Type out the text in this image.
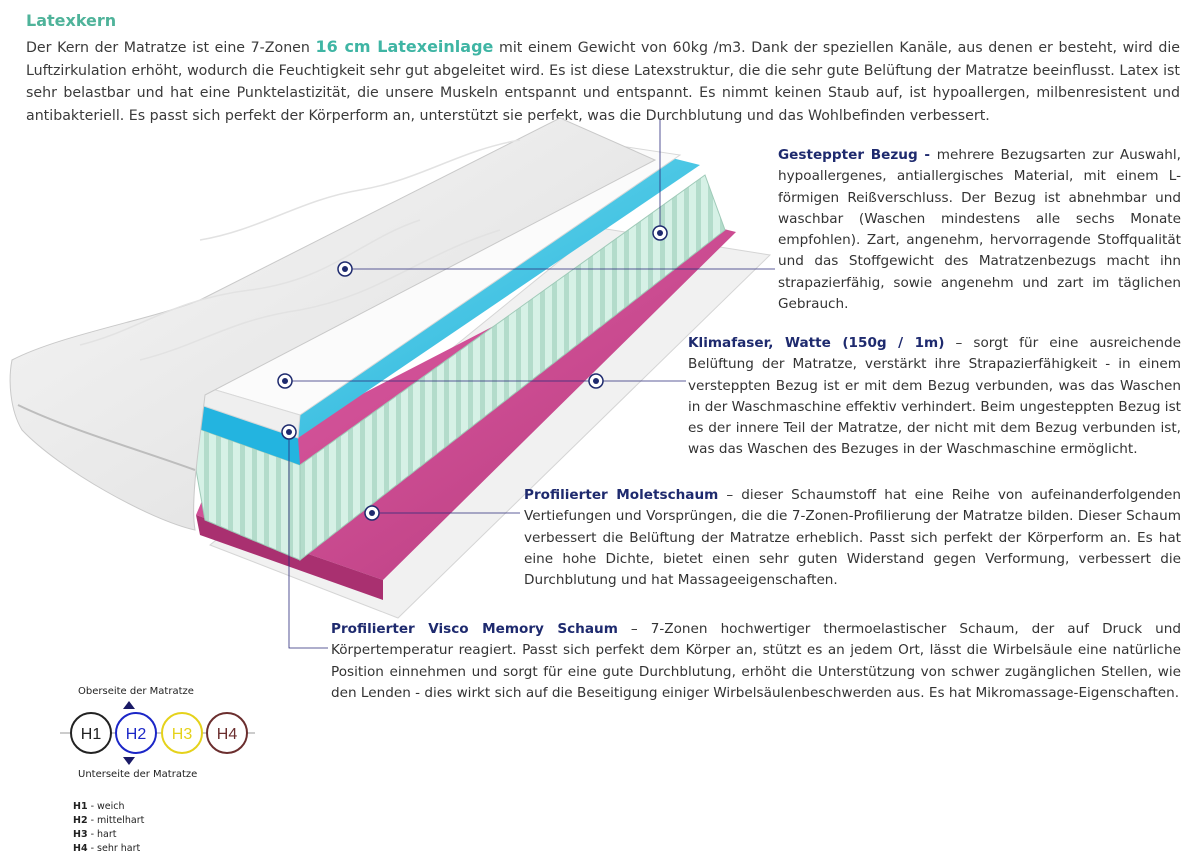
Latexkern
Der Kern der Matratze ist eine 7-Zonen 16 cm Latexeinlage mit einem Gewicht von 60kg /m3. Dank der speziellen Kanäle, aus denen er besteht, wird die Luftzirkulation erhöht, wodurch die Feuchtigkeit sehr gut abgeleitet wird. Es ist diese Latexstruktur, die die sehr gute Belüftung der Matratze beeinflusst. Latex ist sehr belastbar und hat eine Punktelastizität, die unsere Muskeln entspannt und entspannt. Es nimmt keinen Staub auf, ist hypoallergen, milbenresistent und antibakteriell. Es passt sich perfekt der Körperform an, unterstützt sie perfekt, was die Durchblutung und das Wohlbefinden verbessert.
Gesteppter Bezug - mehrere Bezugsarten zur Auswahl, hypoallergenes, antiallergisches Material, mit einem L-förmigen Reißverschluss. Der Bezug ist abnehmbar und waschbar (Waschen mindestens alle sechs Monate empfohlen). Zart, angenehm, hervorragende Stoffqualität und das Stoffgewicht des Matratzenbezugs macht ihn strapazierfähig, sowie angenehm und zart im täglichen Gebrauch.
Klimafaser, Watte (150g / 1m) – sorgt für eine ausreichende Belüftung der Matratze, verstärkt ihre Strapazierfähigkeit - in einem versteppten Bezug ist er mit dem Bezug verbunden, was das Waschen in der Waschmaschine effektiv verhindert. Beim ungesteppten Bezug ist es der innere Teil der Matratze, der nicht mit dem Bezug verbunden ist, was das Waschen des Bezuges in der Waschmaschine ermöglicht.
Profilierter Moletschaum – dieser Schaumstoff hat eine Reihe von aufeinanderfolgenden Vertiefungen und Vorsprüngen, die die 7-Zonen-Profilierung der Matratze bilden. Dieser Schaum verbessert die Belüftung der Matratze erheblich. Passt sich perfekt der Körperform an. Es hat eine hohe Dichte, bietet einen sehr guten Widerstand gegen Verformung, verbessert die Durchblutung und hat Massageeigenschaften.
Profilierter Visco Memory Schaum – 7-Zonen hochwertiger thermoelastischer Schaum, der auf Druck und Körpertemperatur reagiert. Passt sich perfekt dem Körper an, stützt es an jedem Ort, lässt die Wirbelsäule eine natürliche Position einnehmen und sorgt für eine gute Durchblutung, erhöht die Unterstützung von schwer zugänglichen Stellen, wie den Lenden - dies wirkt sich auf die Beseitigung einiger Wirbelsäulenbeschwerden aus. Es hat Mikromassage-Eigenschaften.
Oberseite der Matratze
H1 H2 H3 H4
Unterseite der Matratze
H1 - weich
H2 - mittelhart
H3 - hart
H4 - sehr hart
